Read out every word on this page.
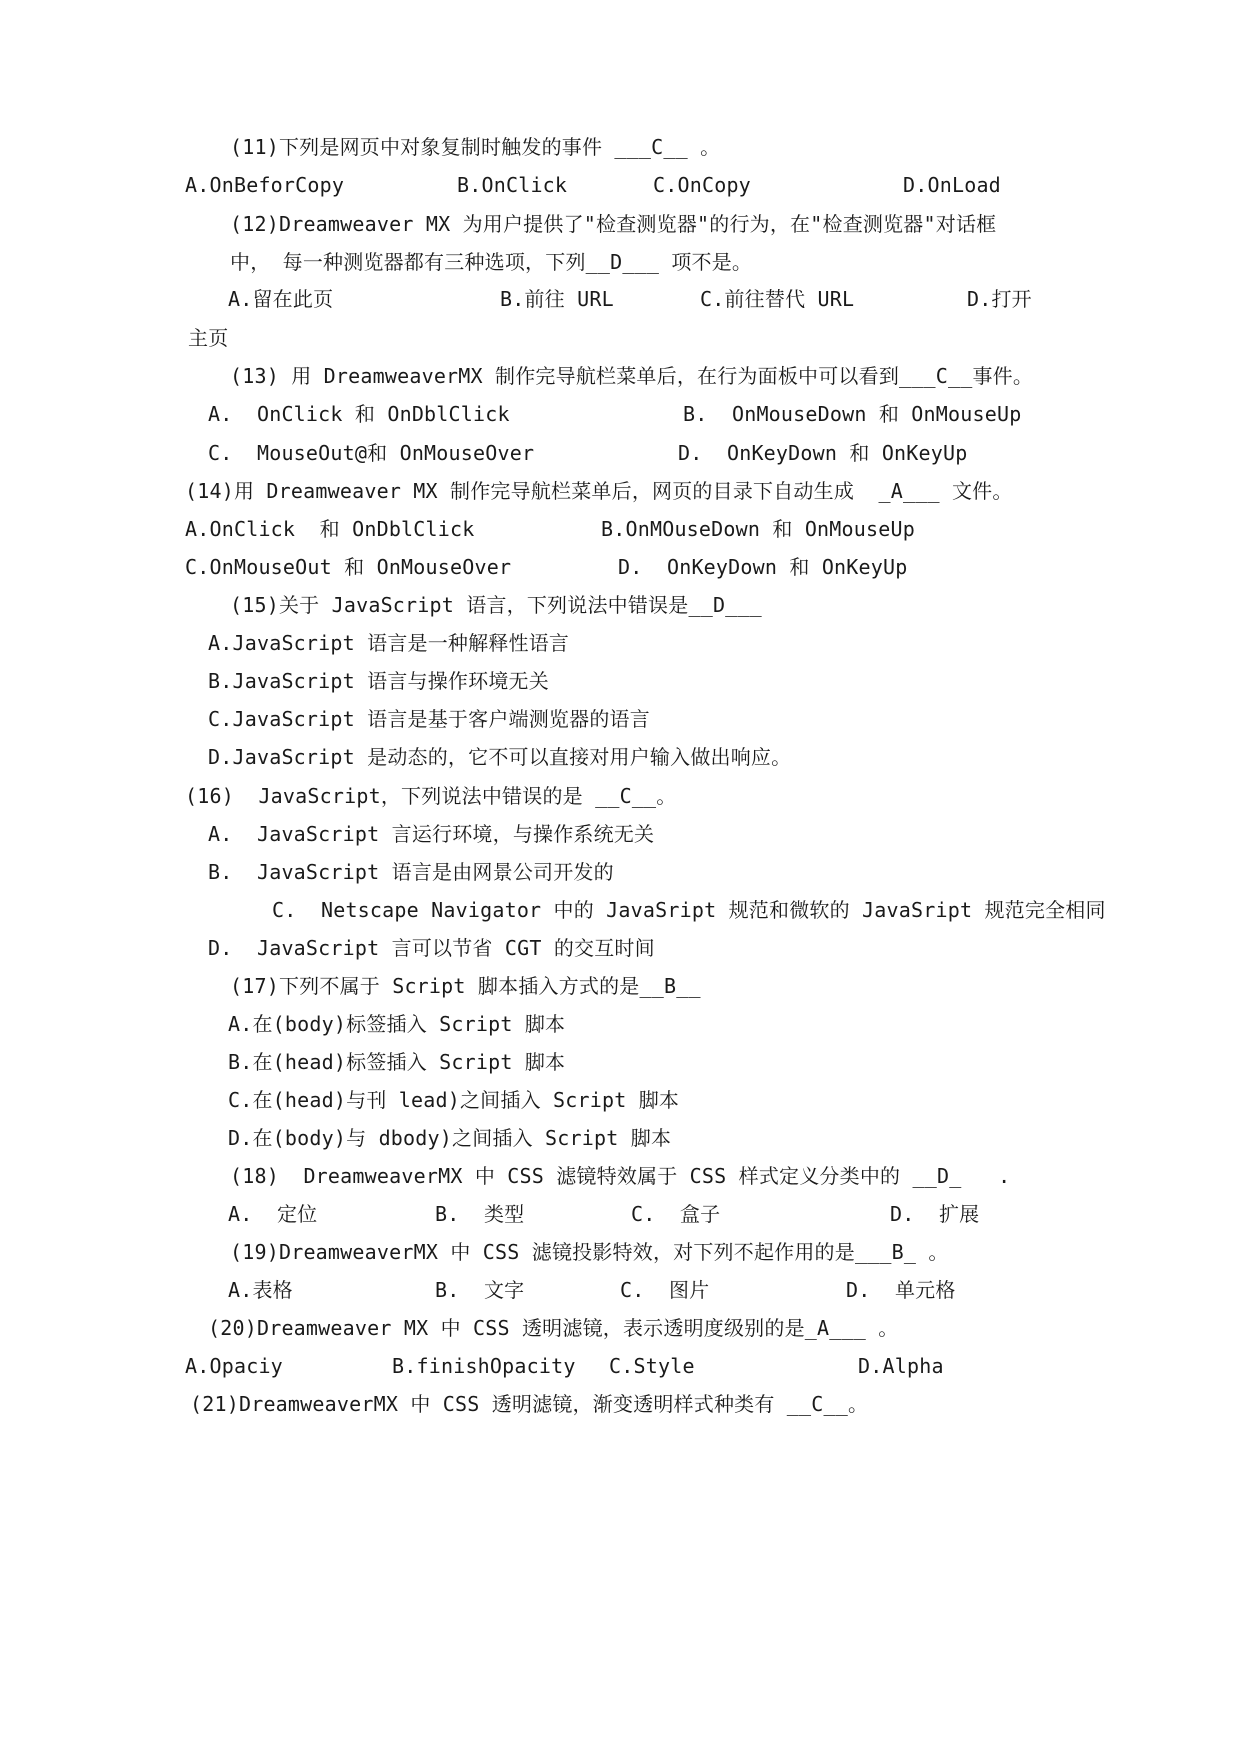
(11)下列是网页中对象复制时触发的事件 ___C__ 。
A.OnBeforCopy	B.OnClick	C.OnCopy	D.OnLoad
(12)Dreamweaver MX 为用户提供了"检查测览器"的行为，在"检查测览器"对话框
中， 每一种测览器都有三种选项，下列__D___ 项不是。
A.留在此页	B.前往 URL	C.前往替代 URL	D.打开
主页
(13) 用 DreamweaverMX 制作完导航栏菜单后，在行为面板中可以看到___C__事件。
A.  OnClick 和 OnDblClick	B.  OnMouseDown 和 OnMouseUp
C.  MouseOut@和 OnMouseOver	D.  OnKeyDown 和 OnKeyUp
(14)用 Dreamweaver MX 制作完导航栏菜单后，网页的目录下自动生成  _A___ 文件。
A.OnClick  和 OnDblClick	B.OnMOuseDown 和 OnMouseUp
C.OnMouseOut 和 OnMouseOver	D.  OnKeyDown 和 OnKeyUp
(15)关于 JavaScript 语言，下列说法中错误是__D___
A.JavaScript 语言是一种解释性语言
B.JavaScript 语言与操作环境无关
C.JavaScript 语言是基于客户端测览器的语言
D.JavaScript 是动态的，它不可以直接对用户输入做出响应。
(16)  JavaScript，下列说法中错误的是 __C__。
A.  JavaScript 言运行环境，与操作系统无关
B.  JavaScript 语言是由网景公司开发的
C.  Netscape Navigator 中的 JavaSript 规范和微软的 JavaSript 规范完全相同
D.  JavaScript 言可以节省 CGT 的交互时间
(17)下列不属于 Script 脚本插入方式的是__B__
A.在(body)标签插入 Script 脚本
B.在(head)标签插入 Script 脚本
C.在(head)与刊 lead)之间插入 Script 脚本
D.在(body)与 dbody)之间插入 Script 脚本
(18)  DreamweaverMX 中 CSS 滤镜特效属于 CSS 样式定义分类中的 __D_   .
A.  定位	B.  类型	C.  盒子	D.  扩展
(19)DreamweaverMX 中 CSS 滤镜投影特效，对下列不起作用的是___B_ 。
A.表格	B.  文字	C.  图片	D.  单元格
(20)Dreamweaver MX 中 CSS 透明滤镜，表示透明度级别的是_A___ 。
A.Opaciy	B.finishOpacity C.Style	D.Alpha
(21)DreamweaverMX 中 CSS 透明滤镜，渐变透明样式种类有 __C__。
